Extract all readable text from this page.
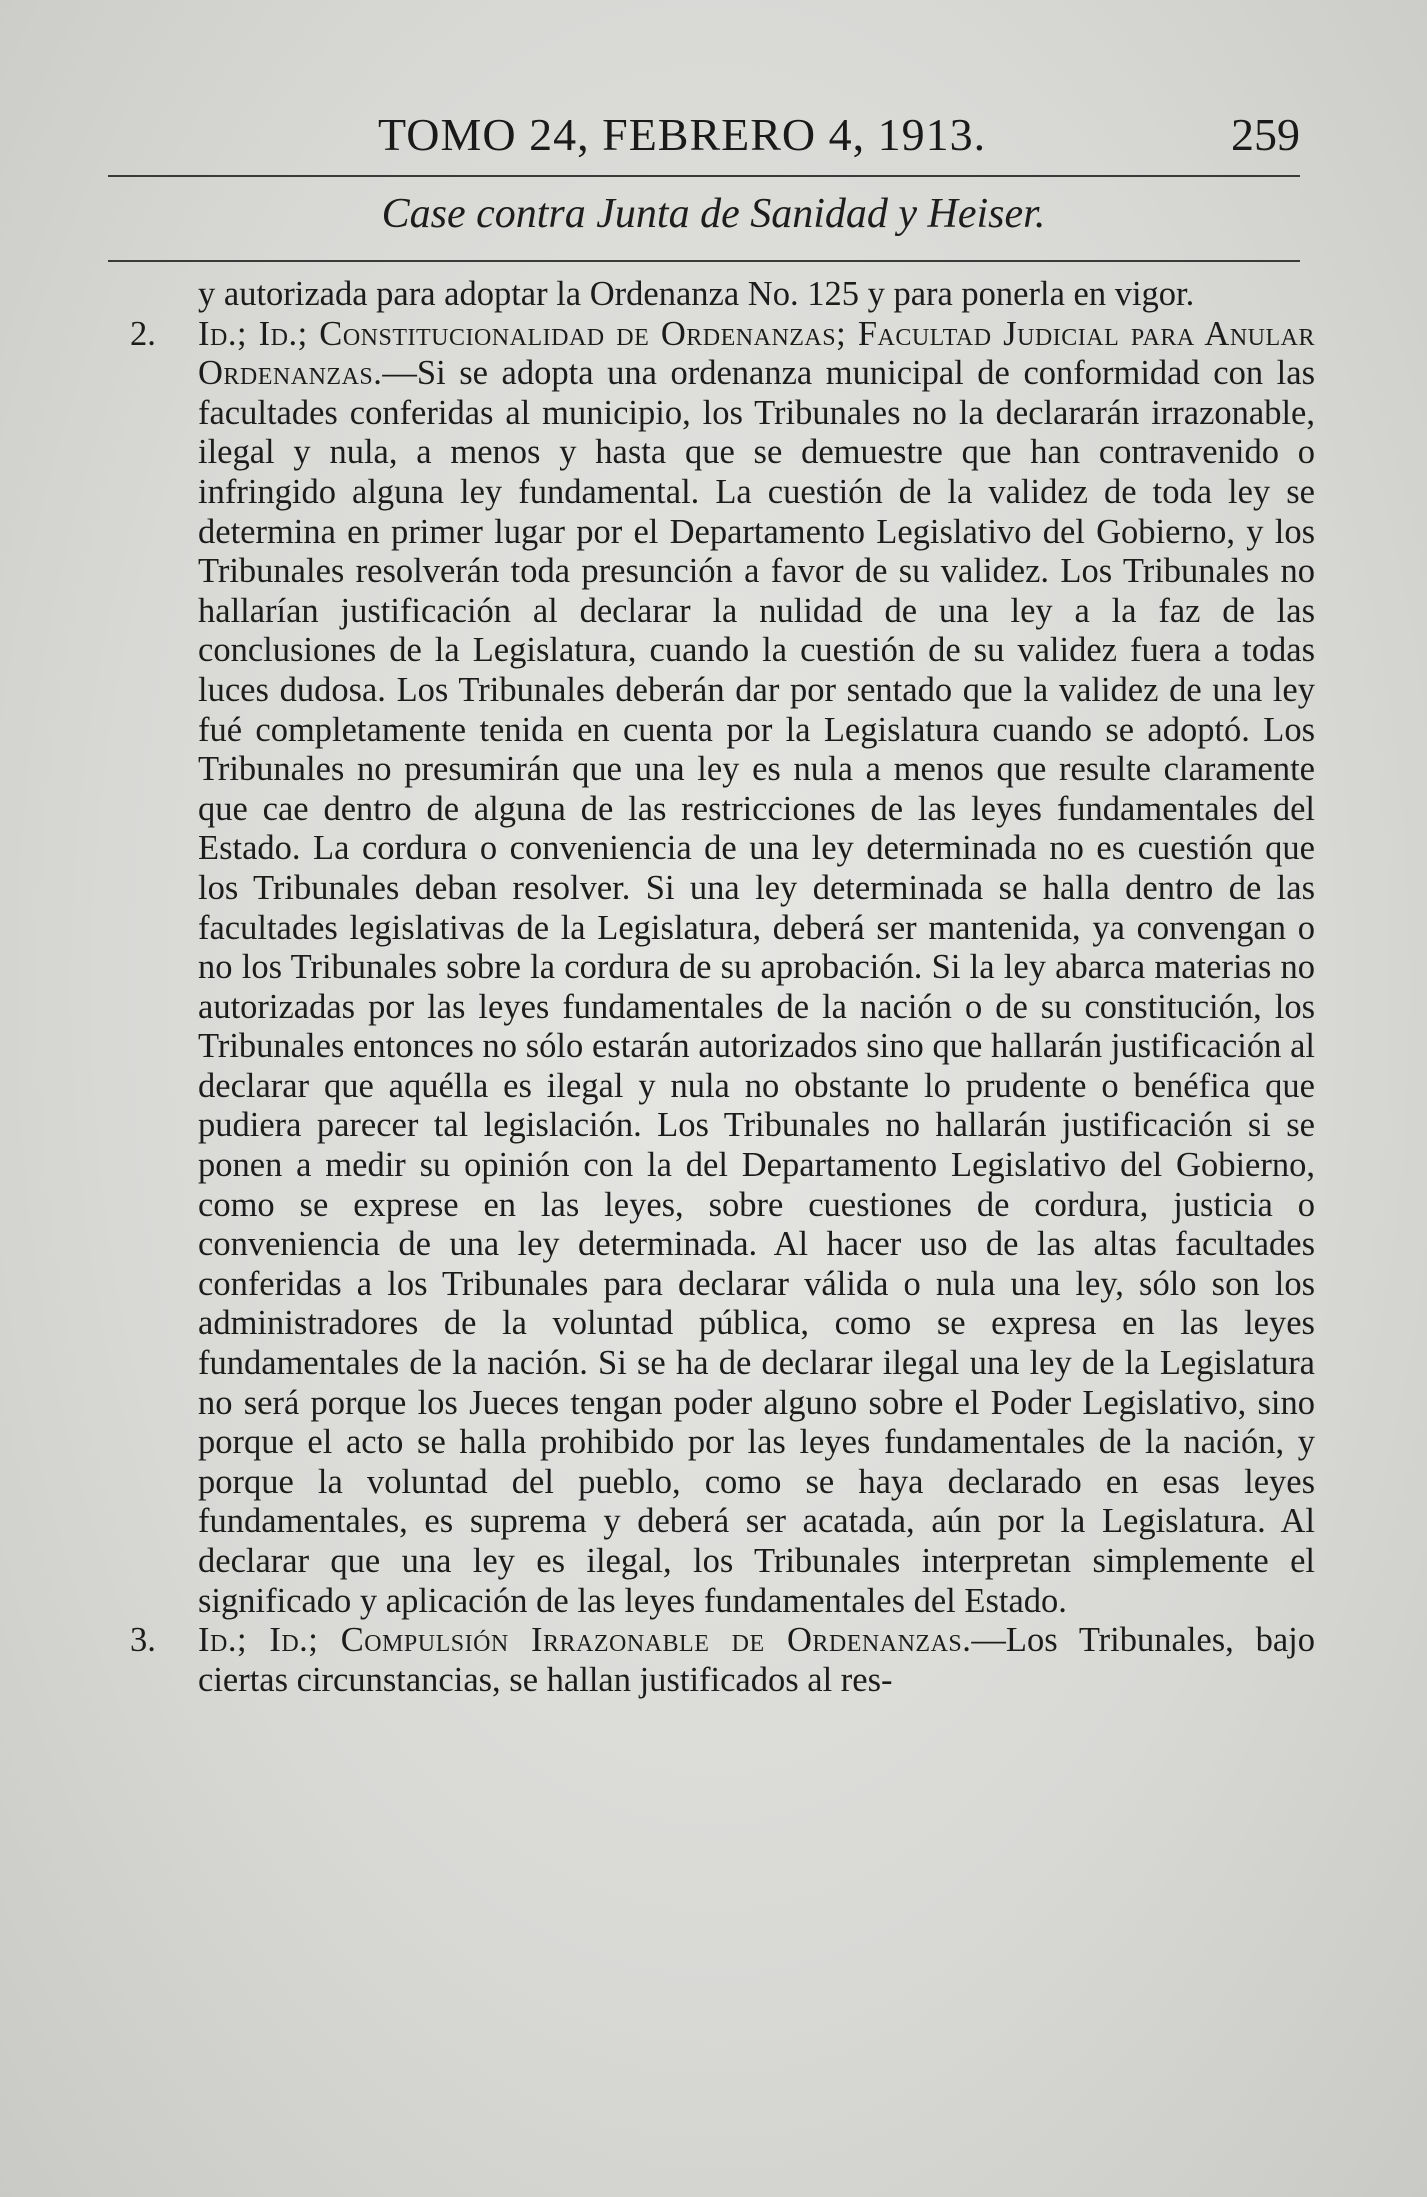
TOMO 24, FEBRERO 4, 1913.	259
Case contra Junta de Sanidad y Heiser.

y autorizada para adoptar la Ordenanza No. 125 y para ponerla en vigor.

2.	Id.; Id.; Constitucionalidad de Ordenanzas; Facultad Judicial para Anular Ordenanzas.—Si se adopta una ordenanza municipal de conformidad con las facultades conferidas al municipio, los Tribunales no la declararán irrazonable, ilegal y nula, a menos y hasta que se demuestre que han contravenido o infringido alguna ley fundamental. La cuestión de la validez de toda ley se determina en primer lugar por el Departamento Legislativo del Gobierno, y los Tribunales resolverán toda presunción a favor de su validez. Los Tribunales no hallarían justificación al declarar la nulidad de una ley a la faz de las conclusiones de la Legislatura, cuando la cuestión de su validez fuera a todas luces dudosa. Los Tribunales deberán dar por sentado que la validez de una ley fué completamente tenida en cuenta por la Legislatura cuando se adoptó. Los Tribunales no presumirán que una ley es nula a menos que resulte claramente que cae dentro de alguna de las restricciones de las leyes fundamentales del Estado. La cordura o conveniencia de una ley determinada no es cuestión que los Tribunales deban resolver. Si una ley determinada se halla dentro de las facultades legislativas de la Legislatura, deberá ser mantenida, ya convengan o no los Tribunales sobre la cordura de su aprobación. Si la ley abarca materias no autorizadas por las leyes fundamentales de la nación o de su constitución, los Tribunales entonces no sólo estarán autorizados sino que hallarán justificación al declarar que aquélla es ilegal y nula no obstante lo prudente o benéfica que pudiera parecer tal legislación. Los Tribunales no hallarán justificación si se ponen a medir su opinión con la del Departamento Legislativo del Gobierno, como se exprese en las leyes, sobre cuestiones de cordura, justicia o conveniencia de una ley determinada. Al hacer uso de las altas facultades conferidas a los Tribunales para declarar válida o nula una ley, sólo son los administradores de la voluntad pública, como se expresa en las leyes fundamentales de la nación. Si se ha de declarar ilegal una ley de la Legislatura no será porque los Jueces tengan poder alguno sobre el Poder Legislativo, sino porque el acto se halla prohibido por las leyes fundamentales de la nación, y porque la voluntad del pueblo, como se haya declarado en esas leyes fundamentales, es suprema y deberá ser acatada, aún por la Legislatura. Al declarar que una ley es ilegal, los Tribunales interpretan simplemente el significado y aplicación de las leyes fundamentales del Estado.

3.	Id.; Id.; Compulsión Irrazonable de Ordenanzas.—Los Tribunales, bajo ciertas circunstancias, se hallan justificados al res-
